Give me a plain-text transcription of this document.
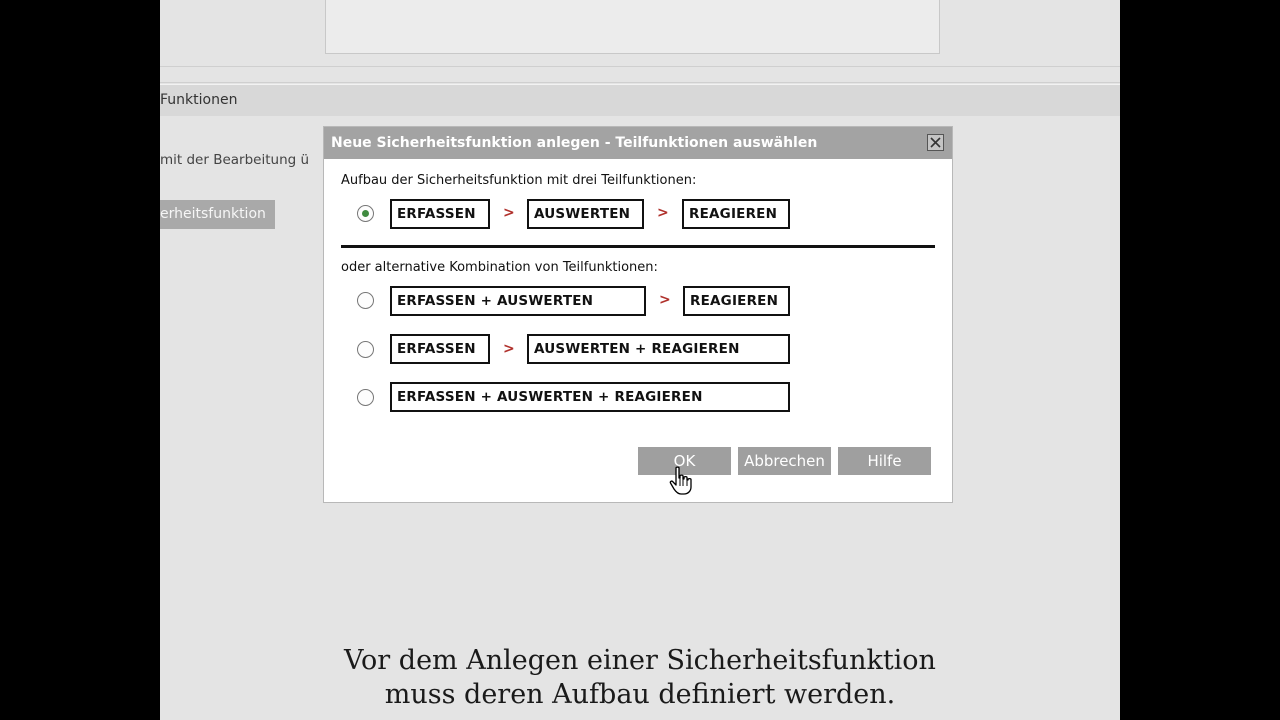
Funktionen
mit der Bearbeitung ü
erheitsfunktion
Neue Sicherheitsfunktion anlegen - Teilfunktionen auswählen
Aufbau der Sicherheitsfunktion mit drei Teilfunktionen:
ERFASSEN	>	AUSWERTEN	>	REAGIEREN
oder alternative Kombination von Teilfunktionen:
ERFASSEN + AUSWERTEN	>	REAGIEREN
ERFASSEN	>	AUSWERTEN + REAGIEREN
ERFASSEN + AUSWERTEN + REAGIEREN
OK	Abbrechen	Hilfe
Vor dem Anlegen einer Sicherheitsfunktion
muss deren Aufbau definiert werden.
